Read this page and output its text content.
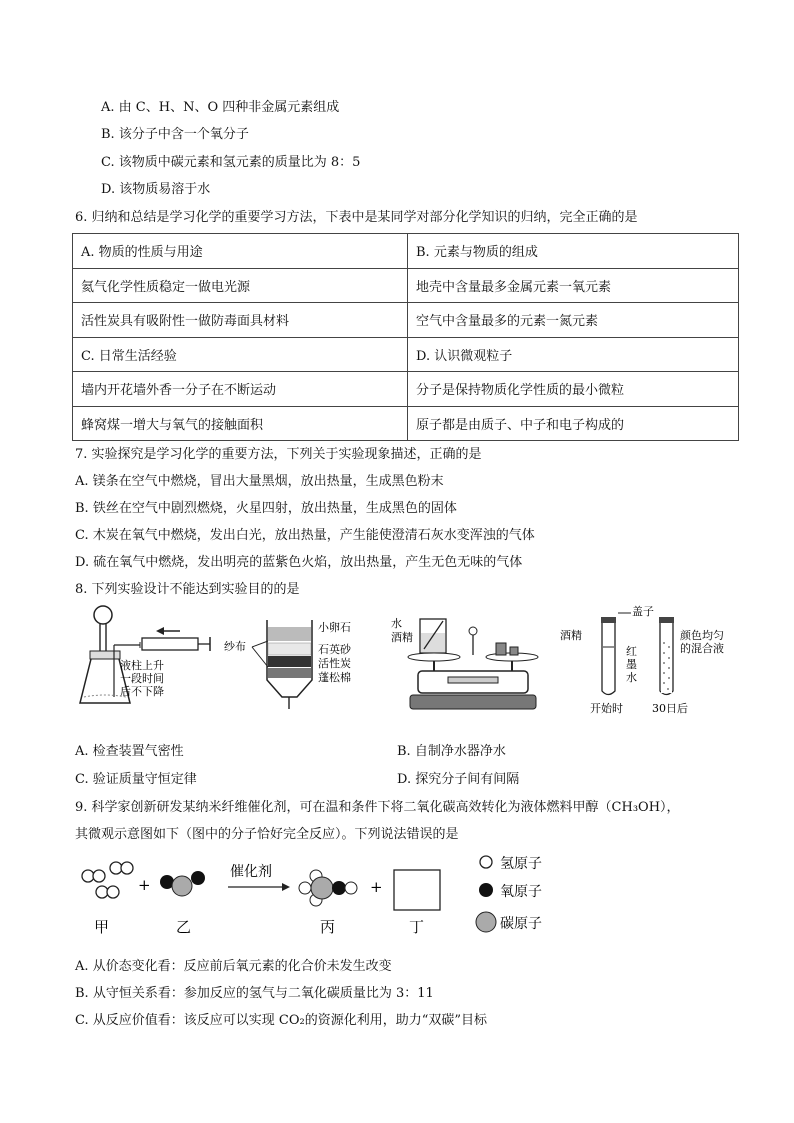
A. 由 C、H、N、O 四种非金属元素组成
B. 该分子中含一个氧分子
C. 该物质中碳元素和氢元素的质量比为 8：5
D. 该物质易溶于水
6. 归纳和总结是学习化学的重要学习方法，下表中是某同学对部分化学知识的归纳，完全正确的是
A. 物质的性质与用途	B. 元素与物质的组成
氦气化学性质稳定一做电光源	地壳中含量最多金属元素一氧元素
活性炭具有吸附性一做防毒面具材料	空气中含量最多的元素一氮元素
C. 日常生活经验	D. 认识微观粒子
墙内开花墙外香一分子在不断运动	分子是保持物质化学性质的最小微粒
蜂窝煤一增大与氧气的接触面积	原子都是由质子、中子和电子构成的
7. 实验探究是学习化学的重要方法，下列关于实验现象描述，正确的是
A. 镁条在空气中燃烧，冒出大量黑烟，放出热量，生成黑色粉末
B. 铁丝在空气中剧烈燃烧，火星四射，放出热量，生成黑色的固体
C. 木炭在氧气中燃烧，发出白光，放出热量，产生能使澄清石灰水变浑浊的气体
D. 硫在氧气中燃烧，发出明亮的蓝紫色火焰，放出热量，产生无色无味的气体
8. 下列实验设计不能达到实验目的的是
液柱上升
一段时间
后不下降
纱布
小卵石
石英砂
活性炭
蓬松棉
水
酒精
盖子
酒精
红
墨
水
颜色均匀
的混合液
开始时	30日后
A. 检查装置气密性	B. 自制净水器净水
C. 验证质量守恒定律	D. 探究分子间有间隔
9. 科学家创新研发某纳米纤维催化剂，可在温和条件下将二氧化碳高效转化为液体燃料甲醇（CH₃OH），
其微观示意图如下（图中的分子恰好完全反应）。下列说法错误的是
+
催化剂
+
甲	乙	丙	丁
氢原子
氧原子
碳原子
A. 从价态变化看：反应前后氧元素的化合价未发生改变
B. 从守恒关系看：参加反应的氢气与二氧化碳质量比为 3：11
C. 从反应价值看：该反应可以实现 CO₂的资源化利用，助力“双碳”目标
